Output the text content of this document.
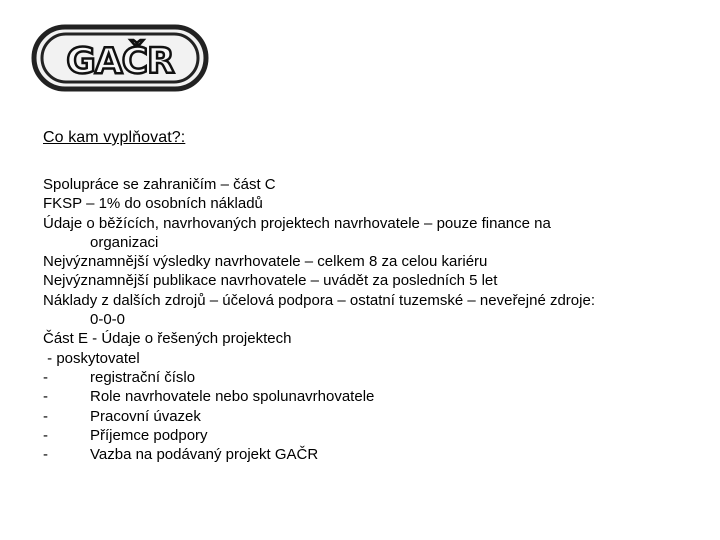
GAČR
Co kam vyplňovat?:
Spolupráce se zahraničím – část C
FKSP – 1% do osobních nákladů
Údaje o běžících, navrhovaných projektech navrhovatele – pouze finance na
organizaci
Nejvýznamnější výsledky navrhovatele – celkem 8 za celou kariéru
Nejvýznamnější publikace navrhovatele – uvádět za posledních 5 let
Náklady z dalších zdrojů – účelová podpora – ostatní tuzemské – neveřejné zdroje:
0-0-0
Část E - Údaje o řešených projektech
- poskytovatel
-	registrační číslo
-	Role navrhovatele nebo spolunavrhovatele
-	Pracovní úvazek
-	Příjemce podpory
-	Vazba na podávaný projekt GAČR
